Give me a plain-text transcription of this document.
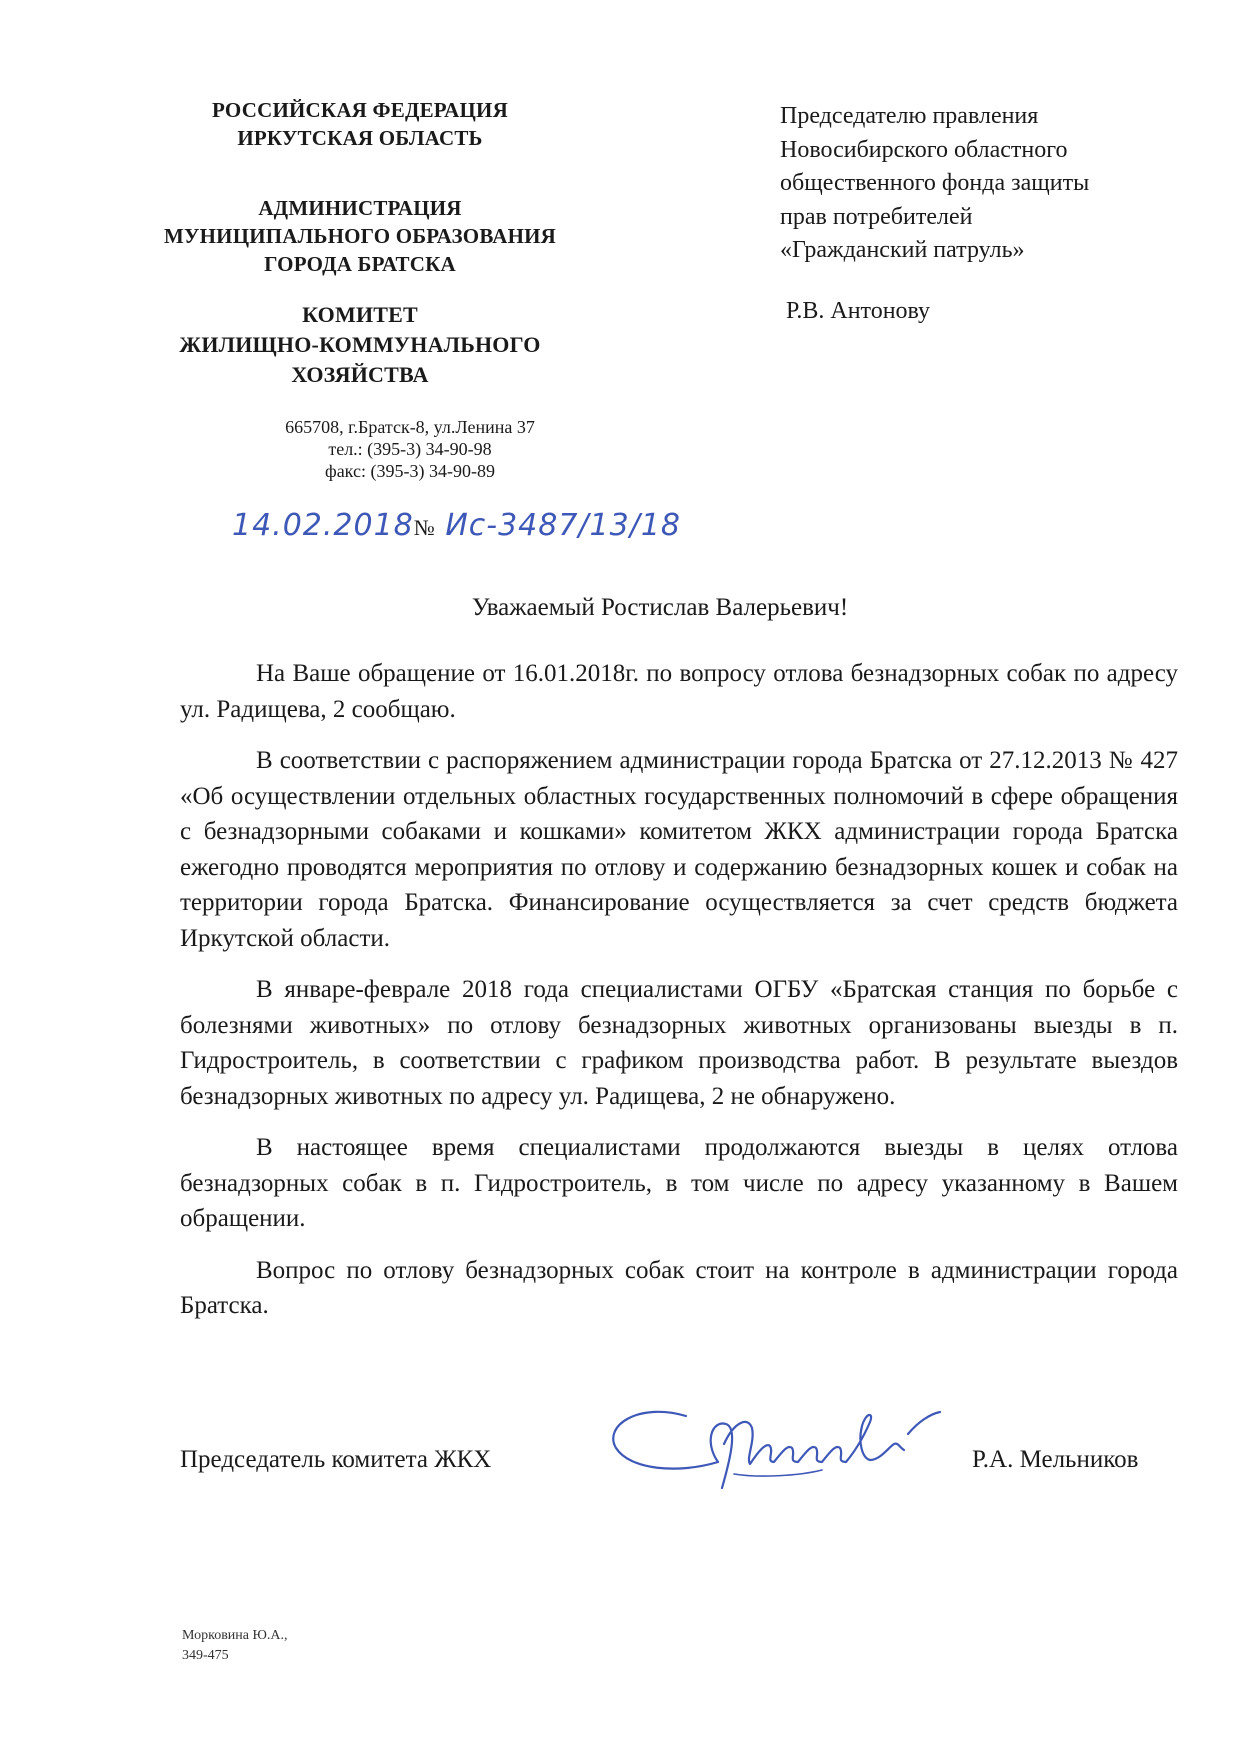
РОССИЙСКАЯ ФЕДЕРАЦИЯ
ИРКУТСКАЯ ОБЛАСТЬ
АДМИНИСТРАЦИЯ
МУНИЦИПАЛЬНОГО ОБРАЗОВАНИЯ
ГОРОДА БРАТСКА
КОМИТЕТ
ЖИЛИЩНО-КОММУНАЛЬНОГО
ХОЗЯЙСТВА
665708, г.Братск-8, ул.Ленина 37
тел.: (395-3) 34-90-98
факс: (395-3) 34-90-89
14.02.2018№ Ис-3487/13/18
Председателю правления
Новосибирского областного
общественного фонда защиты
прав потребителей
«Гражданский патруль»
Р.В. Антонову
Уважаемый Ростислав Валерьевич!

На Ваше обращение от 16.01.2018г. по вопросу отлова безнадзорных собак по адресу ул. Радищева, 2 сообщаю.

В соответствии с распоряжением администрации города Братска от 27.12.2013 № 427 «Об осуществлении отдельных областных государственных полномочий в сфере обращения с безнадзорными собаками и кошками» комитетом ЖКХ администрации города Братска ежегодно проводятся мероприятия по отлову и содержанию безнадзорных кошек и собак на территории города Братска. Финансирование осуществляется за счет средств бюджета Иркутской области.

В январе-феврале 2018 года специалистами ОГБУ «Братская станция по борьбе с болезнями животных» по отлову безнадзорных животных организованы выезды в п. Гидростроитель, в соответствии с графиком производства работ. В результате выездов безнадзорных животных по адресу ул. Радищева, 2 не обнаружено.

В настоящее время специалистами продолжаются выезды в целях отлова безнадзорных собак в п. Гидростроитель, в том числе по адресу указанному в Вашем обращении.

Вопрос по отлову безнадзорных собак стоит на контроле в администрации города Братска.

Председатель комитета ЖКХ	Р.А. Мельников
Морковина Ю.А.,
349-475
